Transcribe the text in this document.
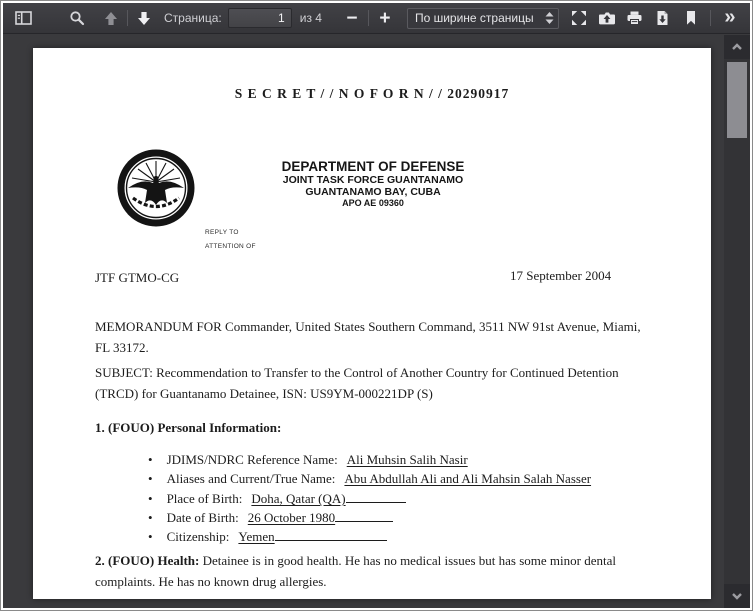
Страница:
1	из 4 − + По ширине страницы	»
S E C R E T / / N O F O R N / / 20290917
DEPARTMENT OF DEFENSE
JOINT TASK FORCE GUANTANAMO
GUANTANAMO BAY, CUBA
APO AE 09360
REPLY TO
ATTENTION OF
JTF GTMO-CG	17 September 2004
MEMORANDUM FOR Commander, United States Southern Command, 3511 NW 91st Avenue, Miami, FL 33172.
SUBJECT: Recommendation to Transfer to the Control of Another Country for Continued Detention (TRCD) for Guantanamo Detainee, ISN: US9YM-000221DP (S)
1. (FOUO) Personal Information:
• JDIMS/NDRC Reference Name: Ali Muhsin Salih Nasir
• Aliases and Current/True Name: Abu Abdullah Ali and Ali Mahsin Salah Nasser
• Place of Birth: Doha, Qatar (QA)
• Date of Birth: 26 October 1980
• Citizenship: Yemen
2. (FOUO) Health: Detainee is in good health. He has no medical issues but has some minor dental complaints. He has no known drug allergies.
